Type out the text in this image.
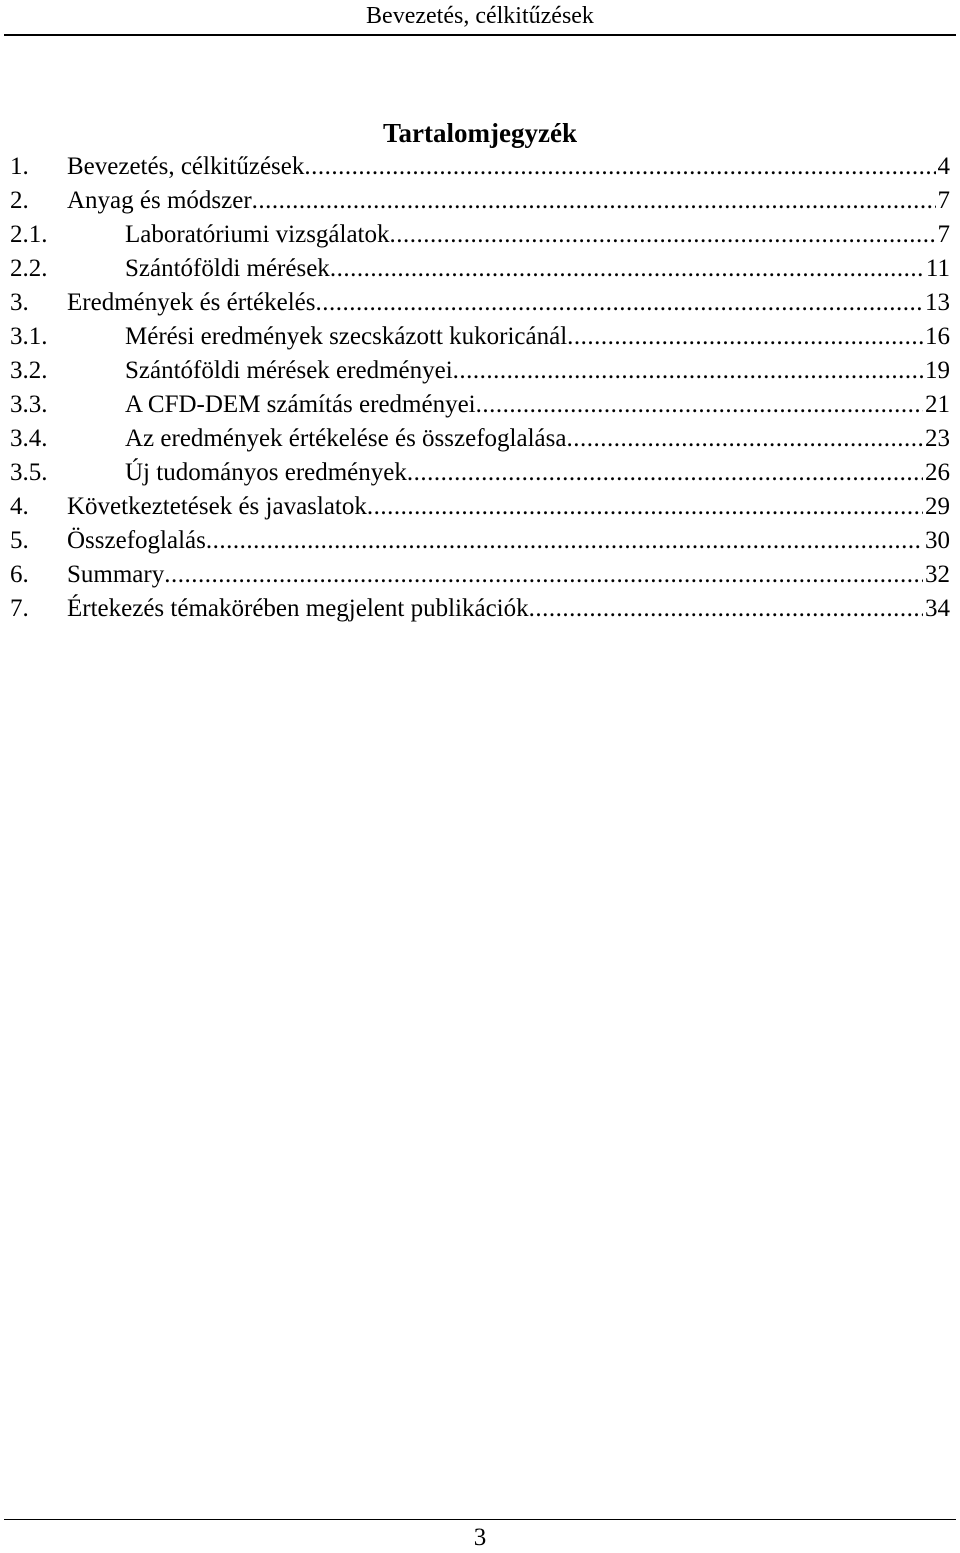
Bevezetés, célkitűzések
Tartalomjegyzék
1. Bevezetés, célkitűzések .....	4
2. Anyag és módszer .....	7
2.1.	Laboratóriumi vizsgálatok .....	7
2.2.	Szántóföldi mérések .....	11
3. Eredmények és értékelés .....	13
3.1.	Mérési eredmények szecskázott kukoricánál .....	16
3.2.	Szántóföldi mérések eredményei .....	19
3.3.	A CFD-DEM számítás eredményei .....	21
3.4.	Az eredmények értékelése és összefoglalása .....	23
3.5.	Új tudományos eredmények .....	26
4. Következtetések és javaslatok .....	29
5. Összefoglalás .....	30
6. Summary .....	32
7. Értekezés témakörében megjelent publikációk .....	34
3
